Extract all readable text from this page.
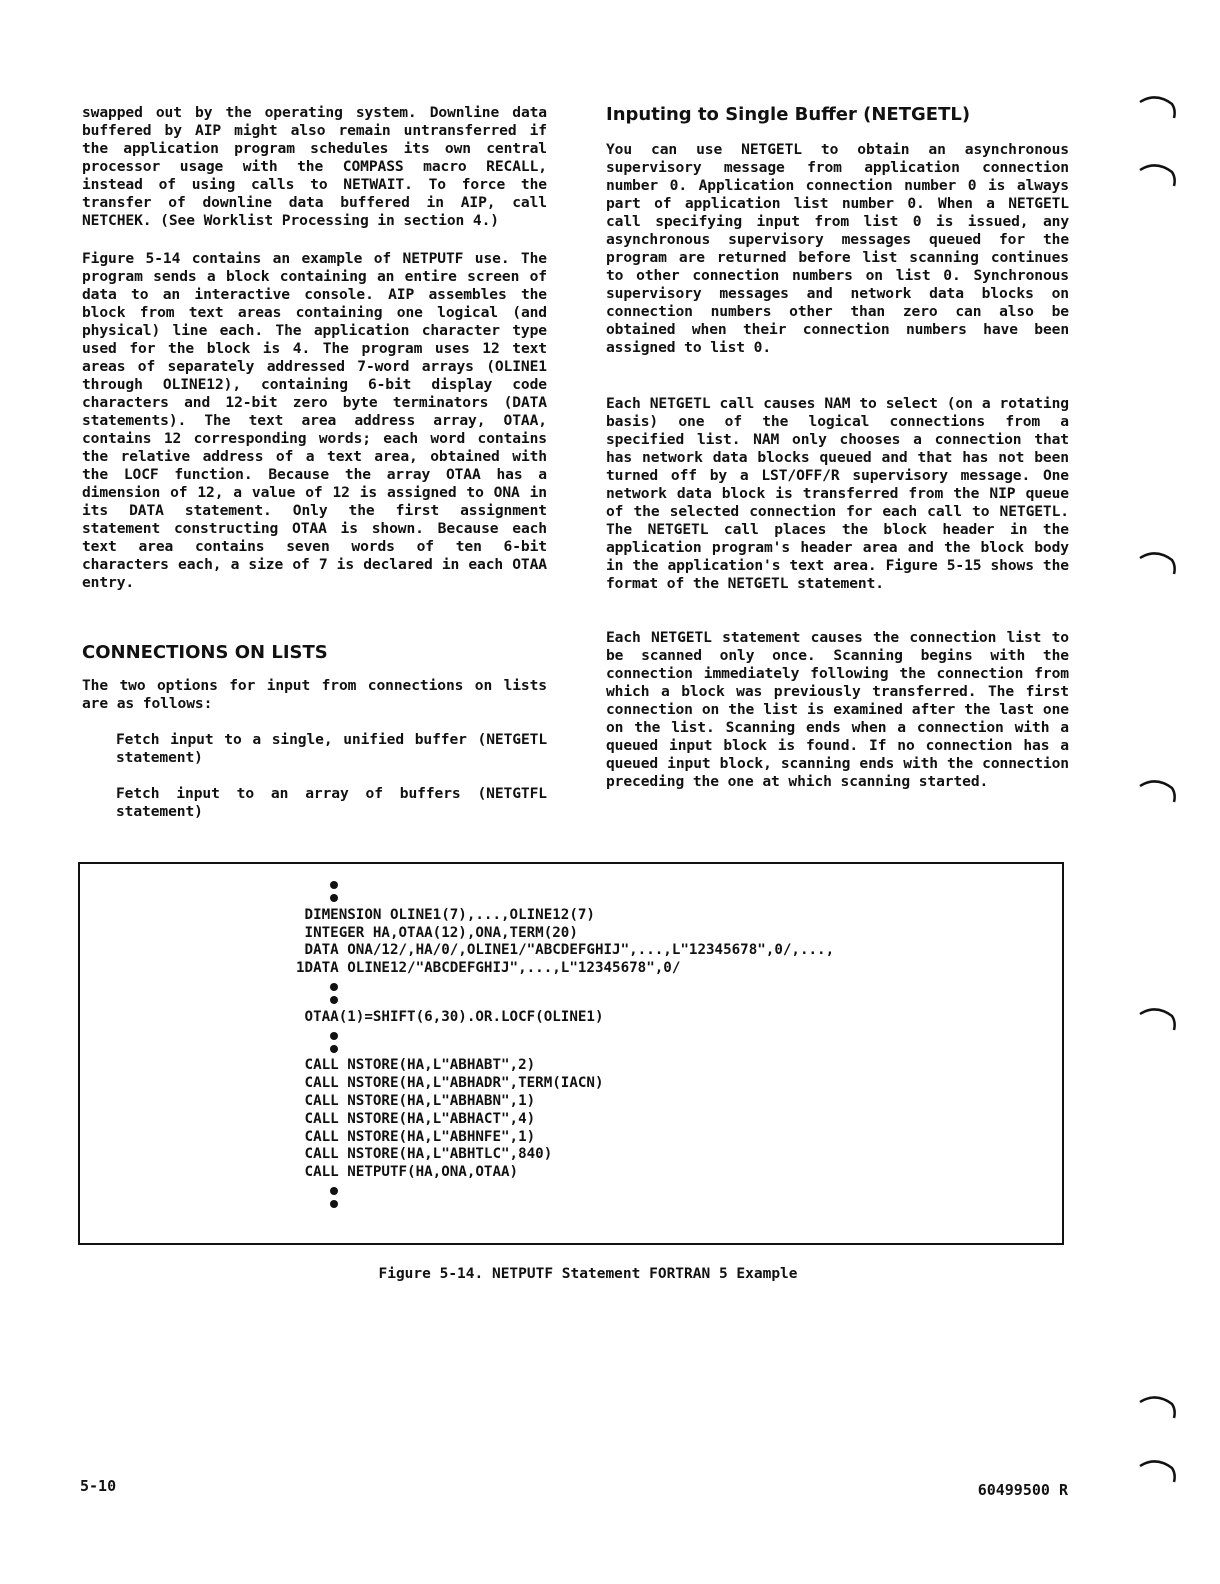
swapped out by the operating system. Downline data buffered by AIP might also remain untransferred if the application program schedules its own central processor usage with the COMPASS macro RECALL, instead of using calls to NETWAIT. To force the transfer of downline data buffered in AIP, call NETCHEK. (See Worklist Processing in section 4.)

Figure 5-14 contains an example of NETPUTF use. The program sends a block containing an entire screen of data to an interactive console. AIP assembles the block from text areas containing one logical (and physical) line each. The application character type used for the block is 4. The program uses 12 text areas of separately addressed 7-word arrays (OLINE1 through OLINE12), containing 6-bit display code characters and 12-bit zero byte terminators (DATA statements). The text area address array, OTAA, contains 12 corresponding words; each word contains the relative address of a text area, obtained with the LOCF function. Because the array OTAA has a dimension of 12, a value of 12 is assigned to ONA in its DATA statement. Only the first assignment statement constructing OTAA is shown. Because each text area contains seven words of ten 6-bit characters each, a size of 7 is declared in each OTAA entry.

CONNECTIONS ON LISTS

The two options for input from connections on lists are as follows:

Fetch input to a single, unified buffer (NETGETL statement)

Fetch input to an array of buffers (NETGTFL statement)

Inputing to Single Buffer (NETGETL)

You can use NETGETL to obtain an asynchronous supervisory message from application connection number 0. Application connection number 0 is always part of application list number 0. When a NETGETL call specifying input from list 0 is issued, any asynchronous supervisory messages queued for the program are returned before list scanning continues to other connection numbers on list 0. Synchronous supervisory messages and network data blocks on connection numbers other than zero can also be obtained when their connection numbers have been assigned to list 0.

Each NETGETL call causes NAM to select (on a rotating basis) one of the logical connections from a specified list. NAM only chooses a connection that has network data blocks queued and that has not been turned off by a LST/OFF/R supervisory message. One network data block is transferred from the NIP queue of the selected connection for each call to NETGETL. The NETGETL call places the block header in the application program's header area and the block body in the application's text area. Figure 5-15 shows the format of the NETGETL statement.

Each NETGETL statement causes the connection list to be scanned only once. Scanning begins with the connection immediately following the connection from which a block was previously transferred. The first connection on the list is examined after the last one on the list. Scanning ends when a connection with a queued input block is found. If no connection has a queued input block, scanning ends with the connection preceding the one at which scanning started.

DIMENSION OLINE1(7),...,OLINE12(7)
INTEGER HA,OTAA(12),ONA,TERM(20)
DATA ONA/12/,HA/0/,OLINE1/"ABCDEFGHIJ",...,L"12345678",0/,...,
1DATA OLINE12/"ABCDEFGHIJ",...,L"12345678",0/
OTAA(1)=SHIFT(6,30).OR.LOCF(OLINE1)
CALL NSTORE(HA,L"ABHABT",2)
CALL NSTORE(HA,L"ABHADR",TERM(IACN)
CALL NSTORE(HA,L"ABHABN",1)
CALL NSTORE(HA,L"ABHACT",4)
CALL NSTORE(HA,L"ABHNFE",1)
CALL NSTORE(HA,L"ABHTLC",840)
CALL NETPUTF(HA,ONA,OTAA)
Figure 5-14. NETPUTF Statement FORTRAN 5 Example
5-10	60499500 R
